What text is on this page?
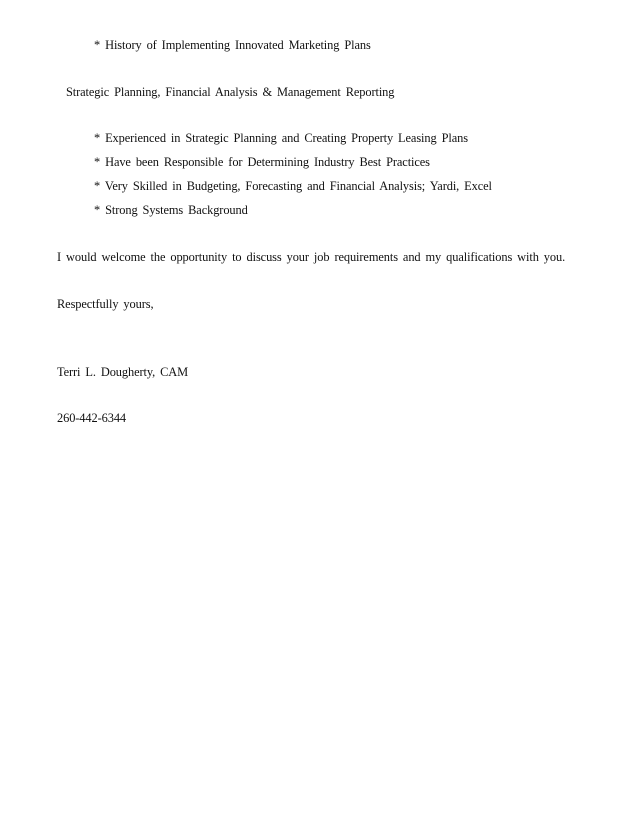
* History of Implementing Innovated Marketing Plans
Strategic Planning, Financial Analysis & Management Reporting
* Experienced in Strategic Planning and Creating Property Leasing Plans
* Have been Responsible for Determining Industry Best Practices
* Very Skilled in Budgeting, Forecasting and Financial Analysis; Yardi, Excel
* Strong Systems Background
I would welcome the opportunity to discuss your job requirements and my qualifications with you.
Respectfully yours,
Terri L. Dougherty, CAM
260-442-6344
